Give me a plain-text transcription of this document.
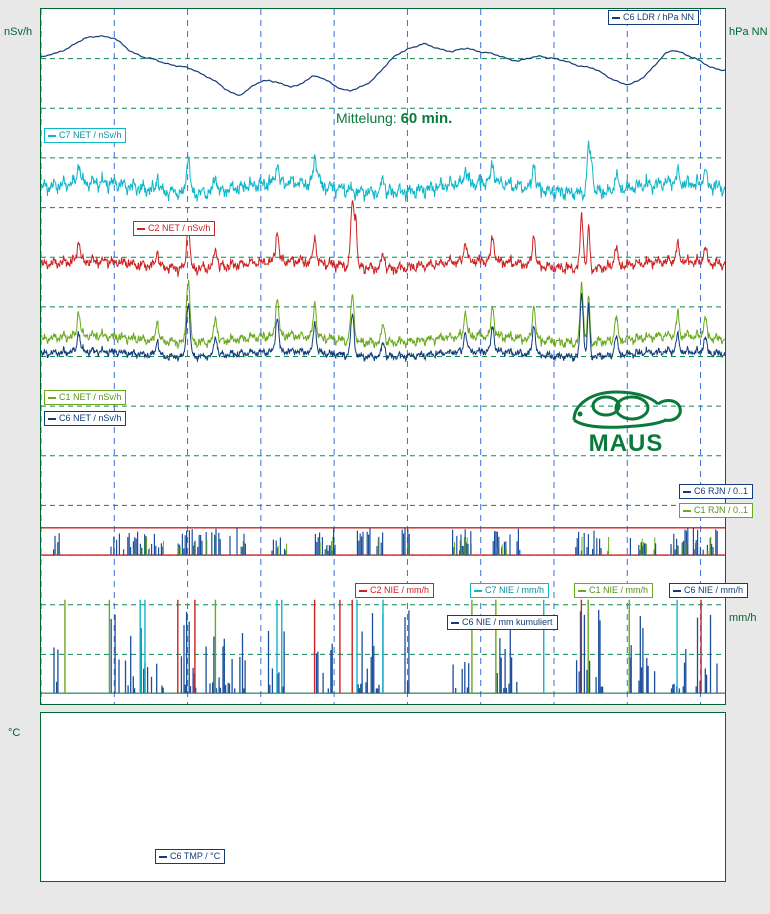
nSv/h	hPa NN
mm/h
°C
C6 LDR / hPa NN
C7 NET / nSv/h
C2 NET / nSv/h
C1 NET / nSv/h
C6 NET / nSv/h
C6 RJN / 0..1
C1 RJN / 0..1
C2 NIE / mm/h	C7 NIE / mm/h	C1 NIE / mm/h	C6 NIE / mm/h
C6 NIE / mm kumuliert
C6 TMP / °C
Mittelung: 60 min.
MAUS
